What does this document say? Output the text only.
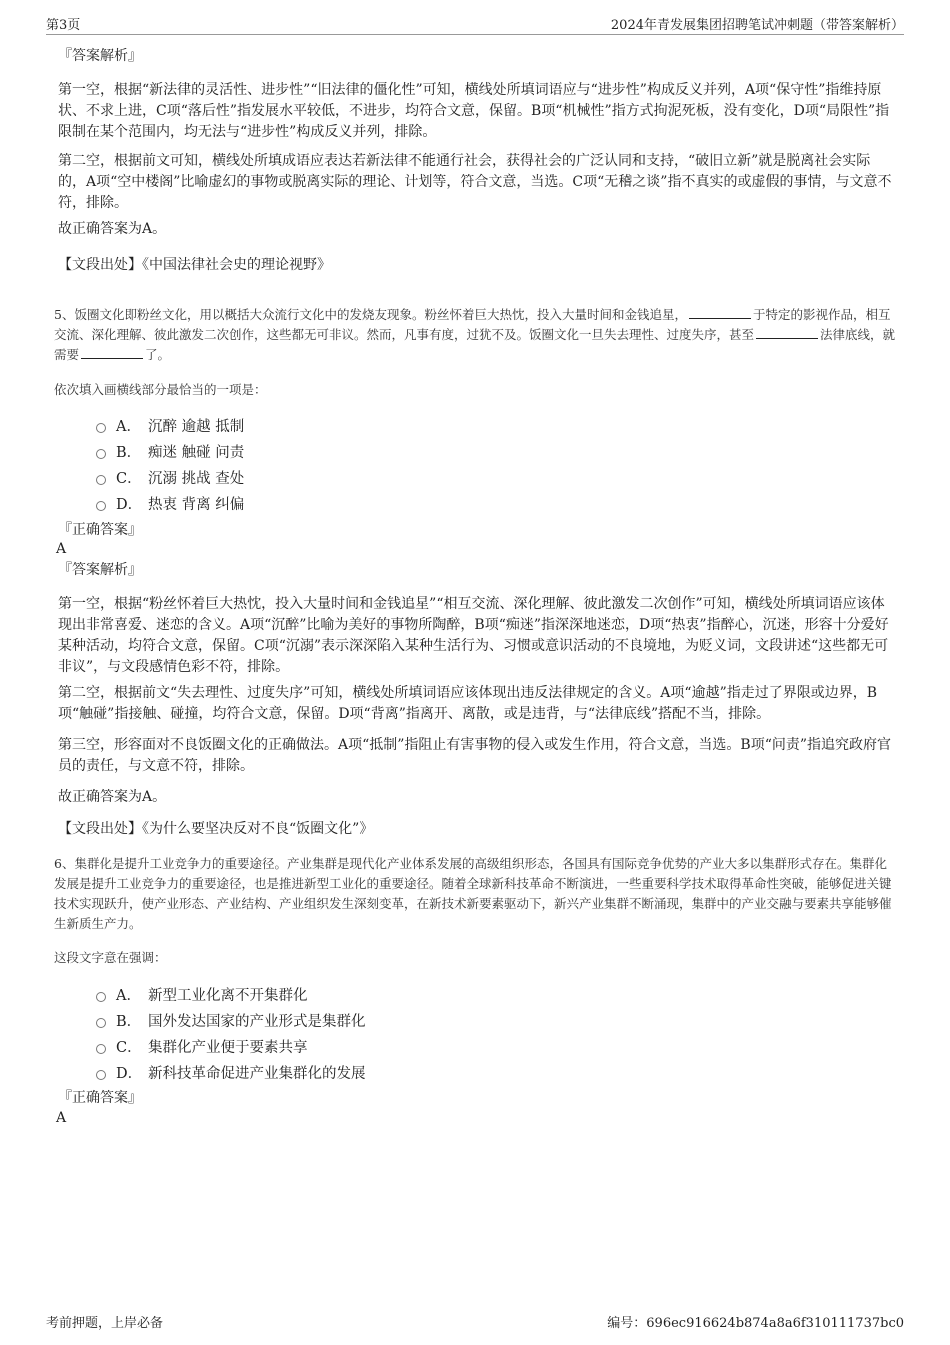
第3页	2024年青发展集团招聘笔试冲刺题（带答案解析）

『答案解析』

第一空，根据“新法律的灵活性、进步性”“旧法律的僵化性”可知，横线处所填词语应与“进步性”构成反义并列，A项“保守性”指维持原状、不求上进，C项“落后性”指发展水平较低，不进步，均符合文意，保留。B项“机械性”指方式拘泥死板，没有变化，D项“局限性”指限制在某个范围内，均无法与“进步性”构成反义并列，排除。

第二空，根据前文可知，横线处所填成语应表达若新法律不能通行社会，获得社会的广泛认同和支持，“破旧立新”就是脱离社会实际的，A项“空中楼阁”比喻虚幻的事物或脱离实际的理论、计划等，符合文意，当选。C项“无稽之谈”指不真实的或虚假的事情，与文意不符，排除。

故正确答案为A。

【文段出处】《中国法律社会史的理论视野》

5、饭圈文化即粉丝文化，用以概括大众流行文化中的发烧友现象。粉丝怀着巨大热忱，投入大量时间和金钱追星，	于特定的影视作品，相互交流、深化理解、彼此激发二次创作，这些都无可非议。然而，凡事有度，过犹不及。饭圈文化一旦失去理性、过度失序，甚至	法律底线，就需要	了。

依次填入画横线部分最恰当的一项是：

A． 沉醉 逾越 抵制
B． 痴迷 触碰 问责
C． 沉溺 挑战 查处
D． 热衷 背离 纠偏

『正确答案』

A

『答案解析』

第一空，根据“粉丝怀着巨大热忱，投入大量时间和金钱追星”“相互交流、深化理解、彼此激发二次创作”可知，横线处所填词语应该体现出非常喜爱、迷恋的含义。A项“沉醉”比喻为美好的事物所陶醉，B项“痴迷”指深深地迷恋，D项“热衷”指醉心，沉迷，形容十分爱好某种活动，均符合文意，保留。C项“沉溺”表示深深陷入某种生活行为、习惯或意识活动的不良境地，为贬义词，文段讲述“这些都无可非议”，与文段感情色彩不符，排除。

第二空，根据前文“失去理性、过度失序”可知，横线处所填词语应该体现出违反法律规定的含义。A项“逾越”指走过了界限或边界，B项“触碰”指接触、碰撞，均符合文意，保留。D项“背离”指离开、离散，或是违背，与“法律底线”搭配不当，排除。

第三空，形容面对不良饭圈文化的正确做法。A项“抵制”指阻止有害事物的侵入或发生作用，符合文意，当选。B项“问责”指追究政府官员的责任，与文意不符，排除。

故正确答案为A。

【文段出处】《为什么要坚决反对不良“饭圈文化”》

6、集群化是提升工业竞争力的重要途径。产业集群是现代化产业体系发展的高级组织形态，各国具有国际竞争优势的产业大多以集群形式存在。集群化发展是提升工业竞争力的重要途径，也是推进新型工业化的重要途径。随着全球新科技革命不断演进，一些重要科学技术取得革命性突破，能够促进关键技术实现跃升，使产业形态、产业结构、产业组织发生深刻变革，在新技术新要素驱动下，新兴产业集群不断涌现，集群中的产业交融与要素共享能够催生新质生产力。

这段文字意在强调：

A． 新型工业化离不开集群化
B． 国外发达国家的产业形式是集群化
C． 集群化产业便于要素共享
D． 新科技革命促进产业集群化的发展

『正确答案』

A

考前押题，上岸必备	编号：696ec916624b874a8a6f310111737bc0
